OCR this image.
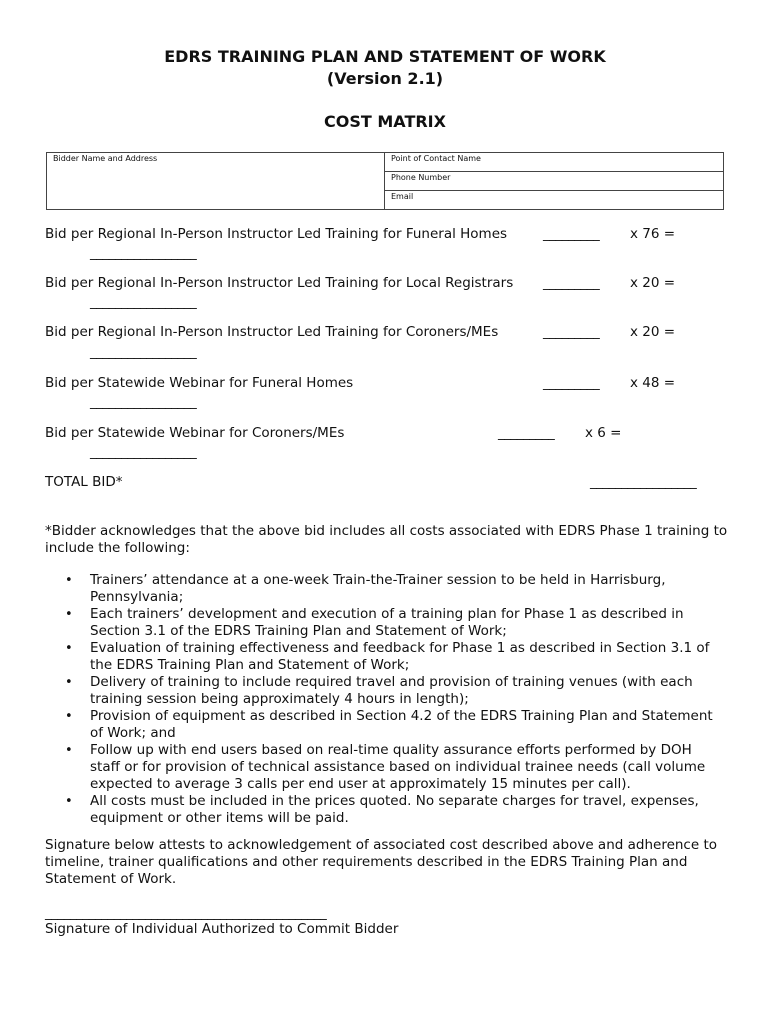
EDRS TRAINING PLAN AND STATEMENT OF WORK
(Version 2.1)
COST MATRIX
Bidder Name and Address	Point of Contact Name
Phone Number
Email
Bid per Regional In-Person Instructor Led Training for Funeral Homes	_________ x 76 =
_________________
Bid per Regional In-Person Instructor Led Training for Local Registrars _________ x 20 =
_________________
Bid per Regional In-Person Instructor Led Training for Coroners/MEs	_________ x 20 =
_________________
Bid per Statewide Webinar for Funeral Homes	_________ x 48 =
_________________
Bid per Statewide Webinar for Coroners/MEs	_________ x 6 =
_________________
TOTAL BID*	_________________
*Bidder acknowledges that the above bid includes all costs associated with EDRS Phase 1 training to include the following:
• Trainers’ attendance at a one-week Train-the-Trainer session to be held in Harrisburg, Pennsylvania;
• Each trainers’ development and execution of a training plan for Phase 1 as described in Section 3.1 of the EDRS Training Plan and Statement of Work;
• Evaluation of training effectiveness and feedback for Phase 1 as described in Section 3.1 of the EDRS Training Plan and Statement of Work;
• Delivery of training to include required travel and provision of training venues (with each training session being approximately 4 hours in length);
• Provision of equipment as described in Section 4.2 of the EDRS Training Plan and Statement of Work; and
• Follow up with end users based on real-time quality assurance efforts performed by DOH staff or for provision of technical assistance based on individual trainee needs (call volume expected to average 3 calls per end user at approximately 15 minutes per call).
• All costs must be included in the prices quoted. No separate charges for travel, expenses, equipment or other items will be paid.
Signature below attests to acknowledgement of associated cost described above and adherence to timeline, trainer qualifications and other requirements described in the EDRS Training Plan and Statement of Work.
_____________________________________________
Signature of Individual Authorized to Commit Bidder
